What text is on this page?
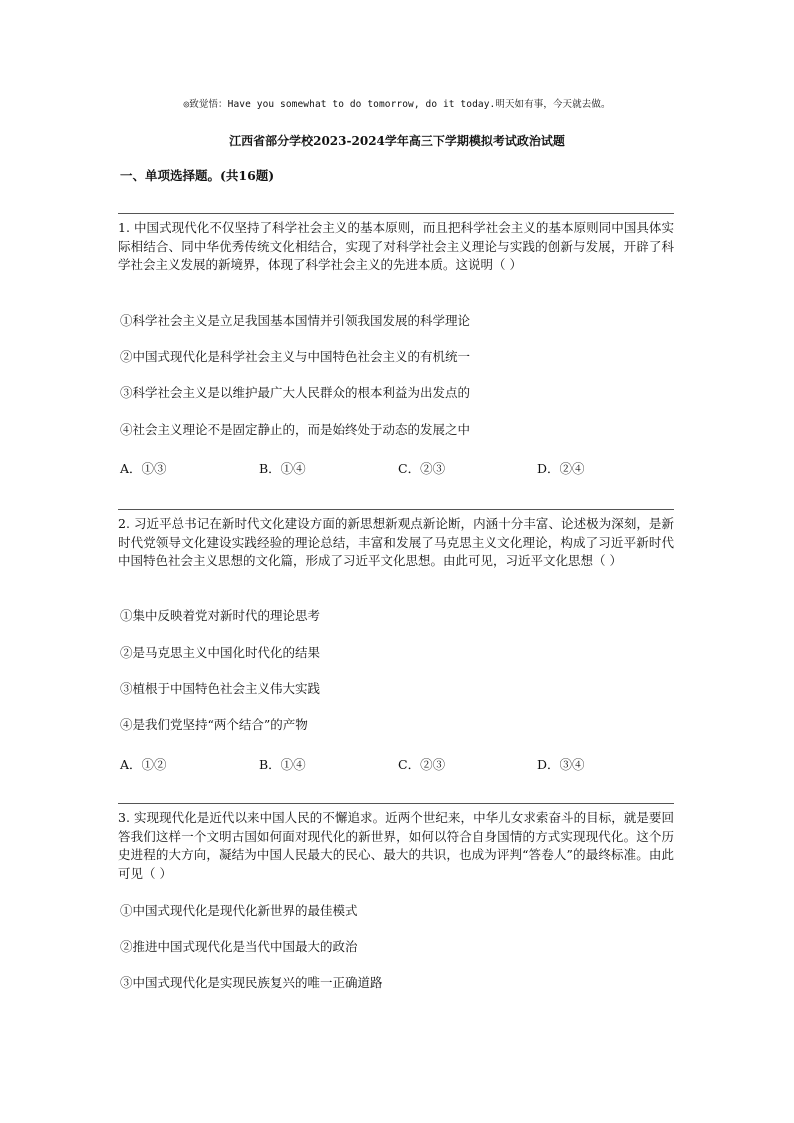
◎致觉悟：Have you somewhat to do tomorrow, do it today.明天如有事，今天就去做。
江西省部分学校2023-2024学年高三下学期模拟考试政治试题
一、单项选择题。(共16题)

1. 中国式现代化不仅坚持了科学社会主义的基本原则，而且把科学社会主义的基本原则同中国具体实际相结合、同中华优秀传统文化相结合，实现了对科学社会主义理论与实践的创新与发展，开辟了科学社会主义发展的新境界，体现了科学社会主义的先进本质。这说明（ ）

①科学社会主义是立足我国基本国情并引领我国发展的科学理论

②中国式现代化是科学社会主义与中国特色社会主义的有机统一

③科学社会主义是以维护最广大人民群众的根本利益为出发点的

④社会主义理论不是固定静止的，而是始终处于动态的发展之中

A．①③	B．①④	C．②③	D．②④

2. 习近平总书记在新时代文化建设方面的新思想新观点新论断，内涵十分丰富、论述极为深刻，是新时代党领导文化建设实践经验的理论总结，丰富和发展了马克思主义文化理论，构成了习近平新时代中国特色社会主义思想的文化篇，形成了习近平文化思想。由此可见，习近平文化思想（ ）

①集中反映着党对新时代的理论思考

②是马克思主义中国化时代化的结果

③植根于中国特色社会主义伟大实践

④是我们党坚持“两个结合”的产物

A．①②	B．①④	C．②③	D．③④

3. 实现现代化是近代以来中国人民的不懈追求。近两个世纪来，中华儿女求索奋斗的目标，就是要回答我们这样一个文明古国如何面对现代化的新世界，如何以符合自身国情的方式实现现代化。这个历史进程的大方向，凝结为中国人民最大的民心、最大的共识，也成为评判“答卷人”的最终标准。由此可见（ ）

①中国式现代化是现代化新世界的最佳模式

②推进中国式现代化是当代中国最大的政治

③中国式现代化是实现民族复兴的唯一正确道路
